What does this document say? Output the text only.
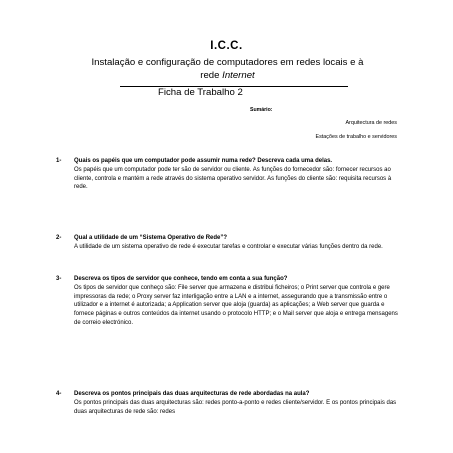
I.C.C.
Instalação e configuração de computadores em redes locais e à
rede Internet
Ficha de Trabalho 2
Sumário:
Arquitectura de redes
Estações de trabalho e servidores
1- Quais os papéis que um computador pode assumir numa rede? Descreva cada uma delas.
Os papéis que um computador pode ter são de servidor ou cliente. As funções do fornecedor são: fornecer recursos ao cliente, controla e mantém a rede através do sistema operativo servidor. As funções do cliente são: requisita recursos à rede.
2- Qual a utilidade de um “Sistema Operativo de Rede”?
A utilidade de um sistema operativo de rede é executar tarefas e controlar e executar várias funções dentro da rede.
3- Descreva os tipos de servidor que conhece, tendo em conta a sua função?
Os tipos de servidor que conheço são: File server que armazena e distribui ficheiros; o Print server que controla e gere impressoras da rede; o Proxy server faz interligação entre a LAN e a internet, assegurando que a transmissão entre o utilizador e a internet é autorizada; a Application server que aloja (guarda) as aplicações; a Web server que guarda e fornece páginas e outros conteúdos da internet usando o protocolo HTTP; e o Mail server que aloja e entrega mensagens de correio electrónico.
4- Descreva os pontos principais das duas arquitecturas de rede abordadas na aula?
Os pontos principais das duas arquitecturas são: redes ponto-a-ponto e redes cliente/servidor. E os pontos principais das duas arquitecturas de rede são: redes
